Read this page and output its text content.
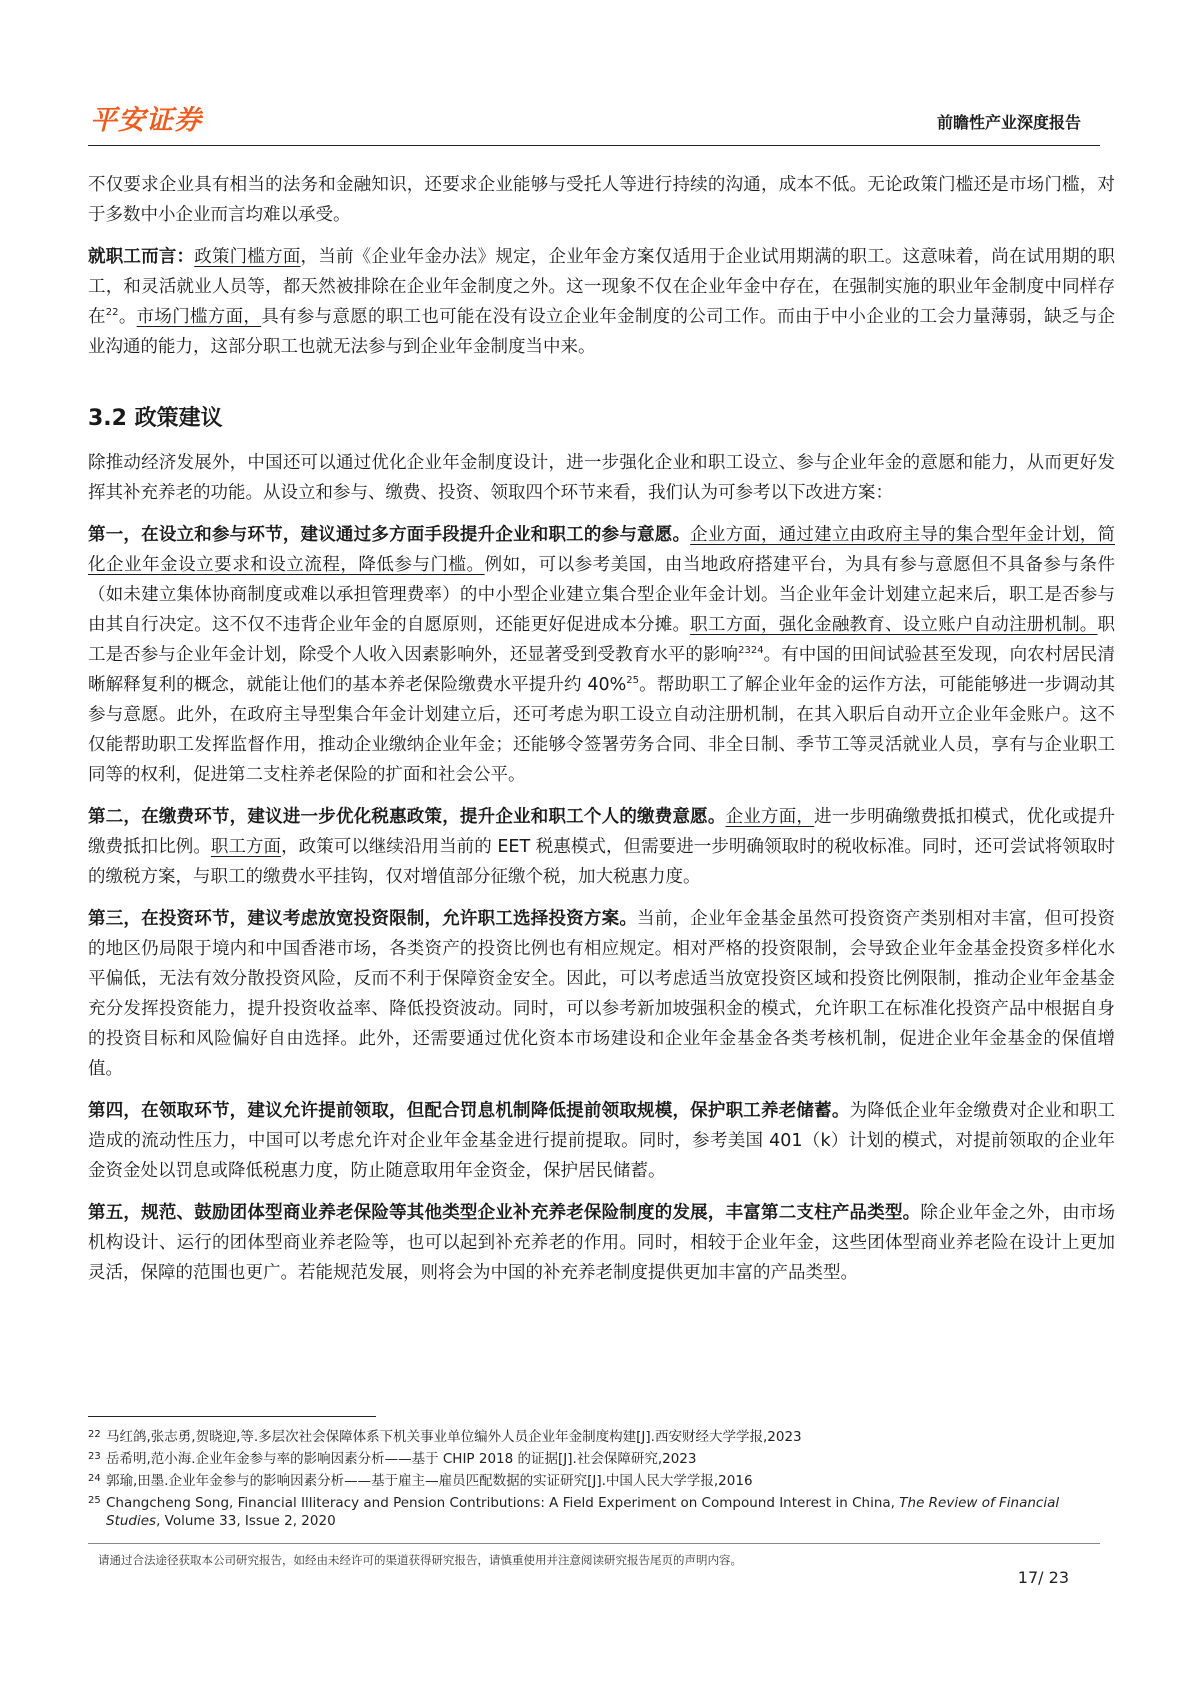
平安证券	前瞻性产业深度报告

不仅要求企业具有相当的法务和金融知识，还要求企业能够与受托人等进行持续的沟通，成本不低。无论政策门槛还是市场门槛，对于多数中小企业而言均难以承受。

就职工而言：政策门槛方面，当前《企业年金办法》规定，企业年金方案仅适用于企业试用期满的职工。这意味着，尚在试用期的职工，和灵活就业人员等，都天然被排除在企业年金制度之外。这一现象不仅在企业年金中存在，在强制实施的职业年金制度中同样存在$^{22}$。市场门槛方面，具有参与意愿的职工也可能在没有设立企业年金制度的公司工作。而由于中小企业的工会力量薄弱，缺乏与企业沟通的能力，这部分职工也就无法参与到企业年金制度当中来。

3.2 政策建议

除推动经济发展外，中国还可以通过优化企业年金制度设计，进一步强化企业和职工设立、参与企业年金的意愿和能力，从而更好发挥其补充养老的功能。从设立和参与、缴费、投资、领取四个环节来看，我们认为可参考以下改进方案：

第一，在设立和参与环节，建议通过多方面手段提升企业和职工的参与意愿。企业方面，通过建立由政府主导的集合型年金计划，简化企业年金设立要求和设立流程，降低参与门槛。例如，可以参考美国，由当地政府搭建平台，为具有参与意愿但不具备参与条件（如未建立集体协商制度或难以承担管理费率）的中小型企业建立集合型企业年金计划。当企业年金计划建立起来后，职工是否参与由其自行决定。这不仅不违背企业年金的自愿原则，还能更好促进成本分摊。职工方面，强化金融教育、设立账户自动注册机制。职工是否参与企业年金计划，除受个人收入因素影响外，还显著受到受教育水平的影响$^{2324}$。有中国的田间试验甚至发现，向农村居民清晰解释复利的概念，就能让他们的基本养老保险缴费水平提升约 40%$^{25}$。帮助职工了解企业年金的运作方法，可能能够进一步调动其参与意愿。此外，在政府主导型集合年金计划建立后，还可考虑为职工设立自动注册机制，在其入职后自动开立企业年金账户。这不仅能帮助职工发挥监督作用，推动企业缴纳企业年金；还能够令签署劳务合同、非全日制、季节工等灵活就业人员，享有与企业职工同等的权利，促进第二支柱养老保险的扩面和社会公平。

第二，在缴费环节，建议进一步优化税惠政策，提升企业和职工个人的缴费意愿。企业方面，进一步明确缴费抵扣模式，优化或提升缴费抵扣比例。职工方面，政策可以继续沿用当前的 EET 税惠模式，但需要进一步明确领取时的税收标准。同时，还可尝试将领取时的缴税方案，与职工的缴费水平挂钩，仅对增值部分征缴个税，加大税惠力度。

第三，在投资环节，建议考虑放宽投资限制，允许职工选择投资方案。当前，企业年金基金虽然可投资资产类别相对丰富，但可投资的地区仍局限于境内和中国香港市场，各类资产的投资比例也有相应规定。相对严格的投资限制，会导致企业年金基金投资多样化水平偏低，无法有效分散投资风险，反而不利于保障资金安全。因此，可以考虑适当放宽投资区域和投资比例限制，推动企业年金基金充分发挥投资能力，提升投资收益率、降低投资波动。同时，可以参考新加坡强积金的模式，允许职工在标准化投资产品中根据自身的投资目标和风险偏好自由选择。此外，还需要通过优化资本市场建设和企业年金基金各类考核机制，促进企业年金基金的保值增值。

第四，在领取环节，建议允许提前领取，但配合罚息机制降低提前领取规模，保护职工养老储蓄。为降低企业年金缴费对企业和职工造成的流动性压力，中国可以考虑允许对企业年金基金进行提前提取。同时，参考美国 401（k）计划的模式，对提前领取的企业年金资金处以罚息或降低税惠力度，防止随意取用年金资金，保护居民储蓄。

第五，规范、鼓励团体型商业养老保险等其他类型企业补充养老保险制度的发展，丰富第二支柱产品类型。除企业年金之外，由市场机构设计、运行的团体型商业养老险等，也可以起到补充养老的作用。同时，相较于企业年金，这些团体型商业养老险在设计上更加灵活，保障的范围也更广。若能规范发展，则将会为中国的补充养老制度提供更加丰富的产品类型。

22 马红鸽,张志勇,贺晓迎,等.多层次社会保障体系下机关事业单位编外人员企业年金制度构建[J].西安财经大学学报,2023
23 岳希明,范小海.企业年金参与率的影响因素分析——基于 CHIP 2018 的证据[J].社会保障研究,2023
24 郭瑜,田墨.企业年金参与的影响因素分析——基于雇主—雇员匹配数据的实证研究[J].中国人民大学学报,2016
25 Changcheng Song, Financial Illiteracy and Pension Contributions: A Field Experiment on Compound Interest in China, The Review of Financial Studies, Volume 33, Issue 2, 2020
请通过合法途径获取本公司研究报告，如经由未经许可的渠道获得研究报告，请慎重使用并注意阅读研究报告尾页的声明内容。
17/ 23
